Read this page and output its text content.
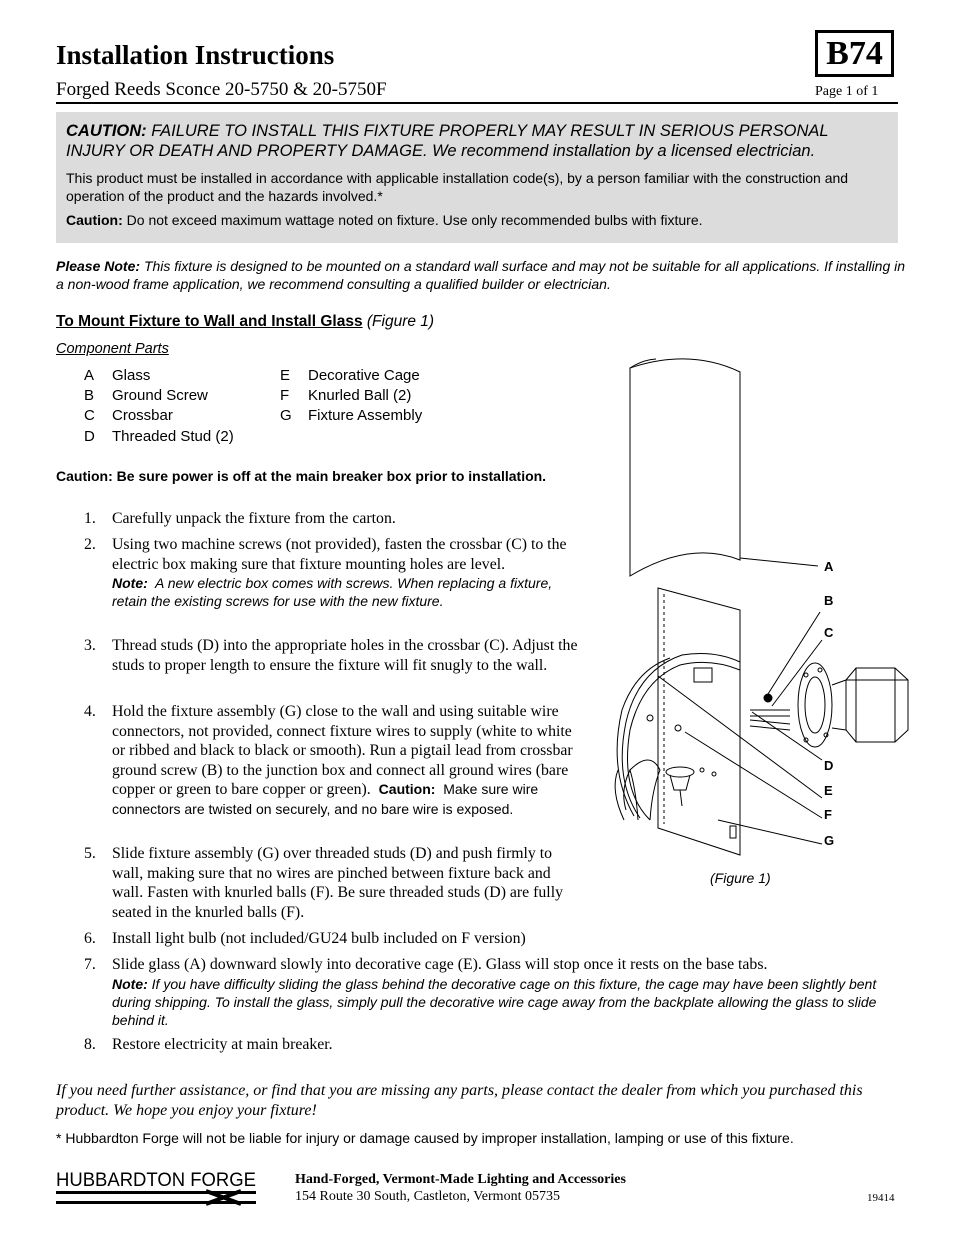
Installation Instructions
Forged Reeds Sconce 20-5750 & 20-5750F
B74
Page 1 of 1
CAUTION: FAILURE TO INSTALL THIS FIXTURE PROPERLY MAY RESULT IN SERIOUS PERSONAL INJURY OR DEATH AND PROPERTY DAMAGE. We recommend installation by a licensed electrician.
This product must be installed in accordance with applicable installation code(s), by a person familiar with the construction and operation of the product and the hazards involved.*
Caution: Do not exceed maximum wattage noted on fixture. Use only recommended bulbs with fixture.
Please Note: This fixture is designed to be mounted on a standard wall surface and may not be suitable for all applications. If installing in a non-wood frame application, we recommend consulting a qualified builder or electrician.
To Mount Fixture to Wall and Install Glass (Figure 1)
Component Parts
A Glass
B Ground Screw
C Crossbar
D Threaded Stud (2)
E Decorative Cage
F Knurled Ball (2)
G Fixture Assembly
Caution: Be sure power is off at the main breaker box prior to installation.
1. Carefully unpack the fixture from the carton.
2. Using two machine screws (not provided), fasten the crossbar (C) to the electric box making sure that fixture mounting holes are level.
Note: A new electric box comes with screws. When replacing a fixture, retain the existing screws for use with the new fixture.
3. Thread studs (D) into the appropriate holes in the crossbar (C). Adjust the studs to proper length to ensure the fixture will fit snugly to the wall.
4. Hold the fixture assembly (G) close to the wall and using suitable wire connectors, not provided, connect fixture wires to supply (white to white or ribbed and black to black or smooth). Run a pigtail lead from crossbar ground screw (B) to the junction box and connect all ground wires (bare copper or green to bare copper or green). Caution: Make sure wire connectors are twisted on securely, and no bare wire is exposed.
5. Slide fixture assembly (G) over threaded studs (D) and push firmly to wall, making sure that no wires are pinched between fixture back and wall. Fasten with knurled balls (F). Be sure threaded studs (D) are fully seated in the knurled balls (F).
6. Install light bulb (not included/GU24 bulb included on F version)
7. Slide glass (A) downward slowly into decorative cage (E). Glass will stop once it rests on the base tabs.
Note: If you have difficulty sliding the glass behind the decorative cage on this fixture, the cage may have been slightly bent during shipping. To install the glass, simply pull the decorative wire cage away from the backplate allowing the glass to slide behind it.
8. Restore electricity at main breaker.
A
B
C
D
E
F
G
(Figure 1)
If you need further assistance, or find that you are missing any parts, please contact the dealer from which you purchased this product. We hope you enjoy your fixture!
* Hubbardton Forge will not be liable for injury or damage caused by improper installation, lamping or use of this fixture.
HUBBARDTON FORGE	Hand-Forged, Vermont-Made Lighting and Accessories
154 Route 30 South, Castleton, Vermont 05735	19414
